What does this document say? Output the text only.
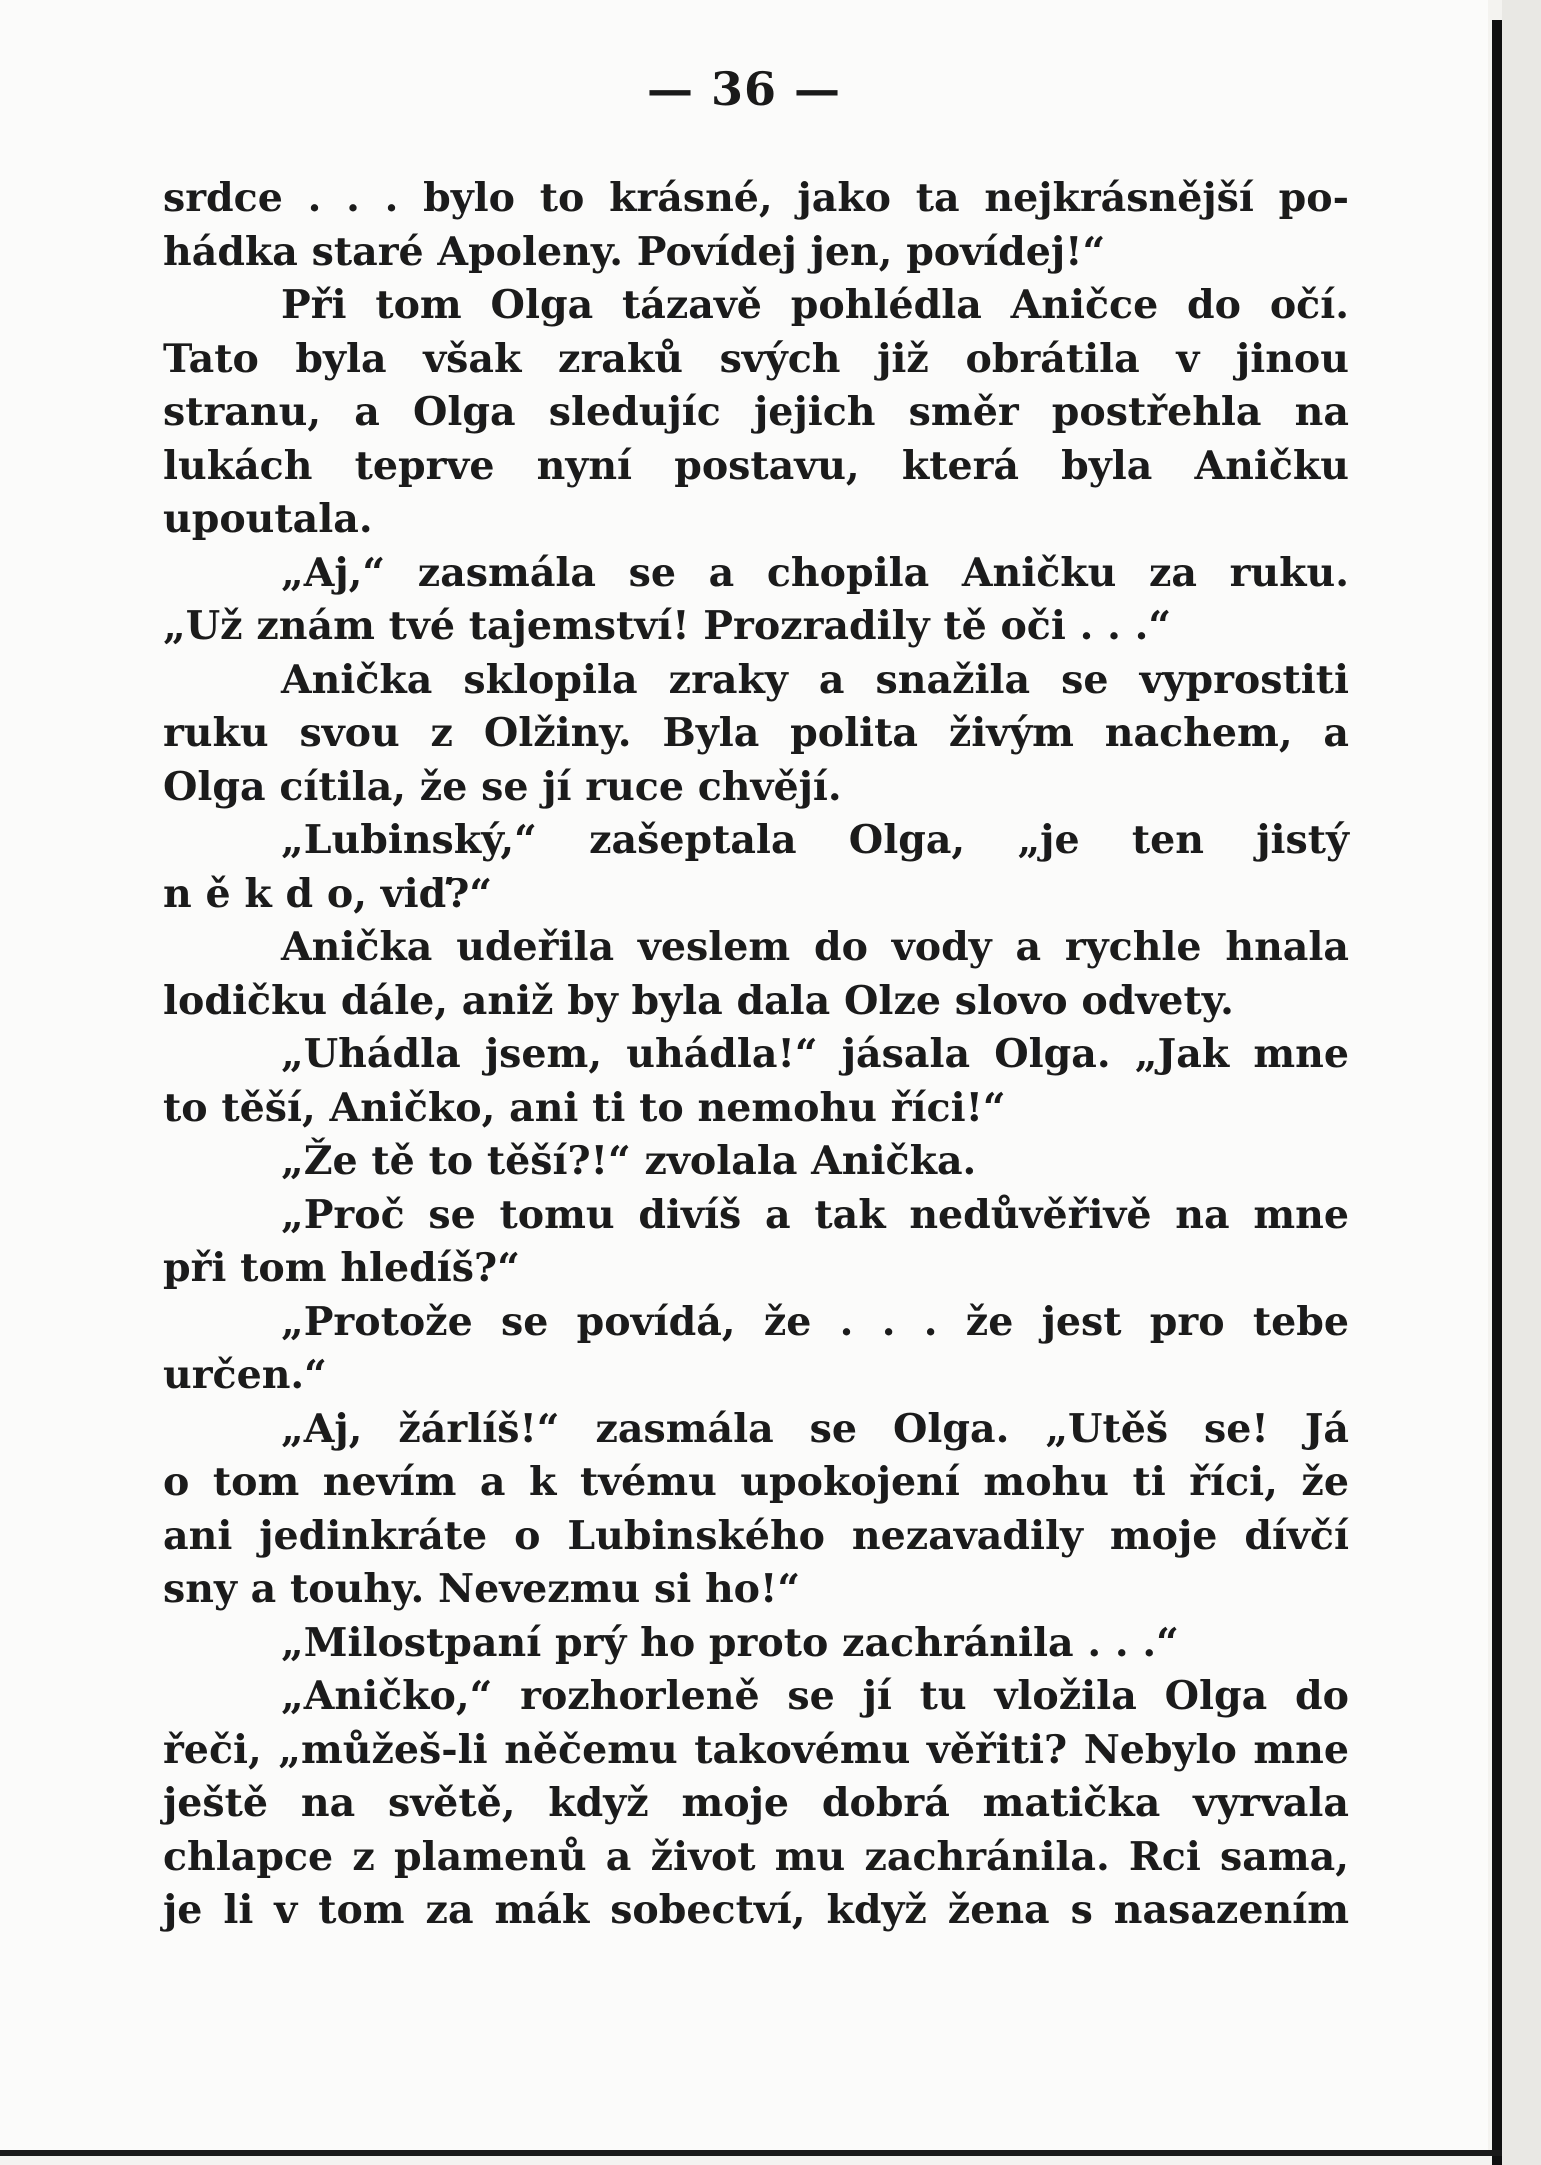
— 36 —
srdce . . . bylo to krásné, jako ta nejkrásnější po-
hádka staré Apoleny. Povídej jen, povídej!“
Při tom Olga tázavě pohlédla Aničce do očí.
Tato byla však zraků svých již obrátila v jinou
stranu, a Olga sledujíc jejich směr postřehla na
lukách teprve nyní postavu, která byla Aničku
upoutala.
„Aj,“ zasmála se a chopila Aničku za ruku.
„Už znám tvé tajemství! Prozradily tě oči . . .“
Anička sklopila zraky a snažila se vyprostiti
ruku svou z Olžiny. Byla polita živým nachem, a
Olga cítila, že se jí ruce chvějí.
„Lubinský,“ zašeptala Olga, „je ten jistý
n ě k d o, viď?“
Anička udeřila veslem do vody a rychle hnala
lodičku dále, aniž by byla dala Olze slovo odvety.
„Uhádla jsem, uhádla!“ jásala Olga. „Jak mne
to těší, Aničko, ani ti to nemohu říci!“
„Že tě to těší?!“ zvolala Anička.
„Proč se tomu divíš a tak nedůvěřivě na mne
při tom hledíš?“
„Protože se povídá, že . . . že jest pro tebe
určen.“
„Aj, žárlíš!“ zasmála se Olga. „Utěš se! Já
o tom nevím a k tvému upokojení mohu ti říci, že
ani jedinkráte o Lubinského nezavadily moje dívčí
sny a touhy. Nevezmu si ho!“
„Milostpaní prý ho proto zachránila . . .“
„Aničko,“ rozhorleně se jí tu vložila Olga do
řeči, „můžeš-li něčemu takovému věřiti? Nebylo mne
ještě na světě, když moje dobrá matička vyrvala
chlapce z plamenů a život mu zachránila. Rci sama,
je li v tom za mák sobectví, když žena s nasazením
